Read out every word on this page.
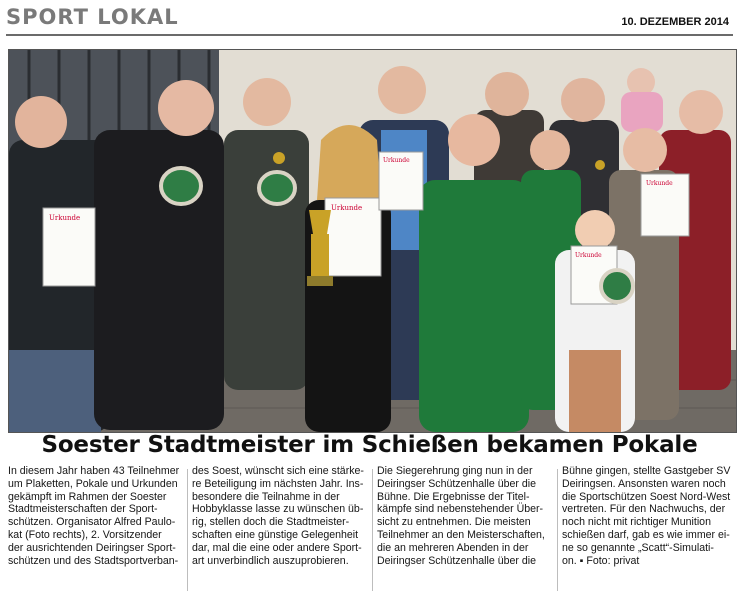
SPORT LOKAL	10. DEZEMBER 2014
Urkunde
Urkunde
Urkunde
Urkunde
Urkunde
Soester Stadtmeister im Schießen bekamen Pokale
In diesem Jahr haben 43 Teilnehmer
um Plaketten, Pokale und Urkunden
gekämpft im Rahmen der Soester
Stadtmeisterschaften der Sport-
schützen. Organisator Alfred Paulo-
kat (Foto rechts), 2. Vorsitzender
der ausrichtenden Deiringser Sport-
schützen und des Stadtsportverban-
des Soest, wünscht sich eine stärke-
re Beteiligung im nächsten Jahr. Ins-
besondere die Teilnahme in der
Hobbyklasse lasse zu wünschen üb-
rig, stellen doch die Stadtmeister-
schaften eine günstige Gelegenheit
dar, mal die eine oder andere Sport-
art unverbindlich auszuprobieren.
Die Siegerehrung ging nun in der
Deiringser Schützenhalle über die
Bühne. Die Ergebnisse der Titel-
kämpfe sind nebenstehender Über-
sicht zu entnehmen. Die meisten
Teilnehmer an den Meisterschaften,
die an mehreren Abenden in der
Deiringser Schützenhalle über die
Bühne gingen, stellte Gastgeber SV
Deiringsen. Ansonsten waren noch
die Sportschützen Soest Nord-West
vertreten. Für den Nachwuchs, der
noch nicht mit richtiger Munition
schießen darf, gab es wie immer ei-
ne so genannte „Scatt“-Simulati-
on. ▪ Foto: privat
